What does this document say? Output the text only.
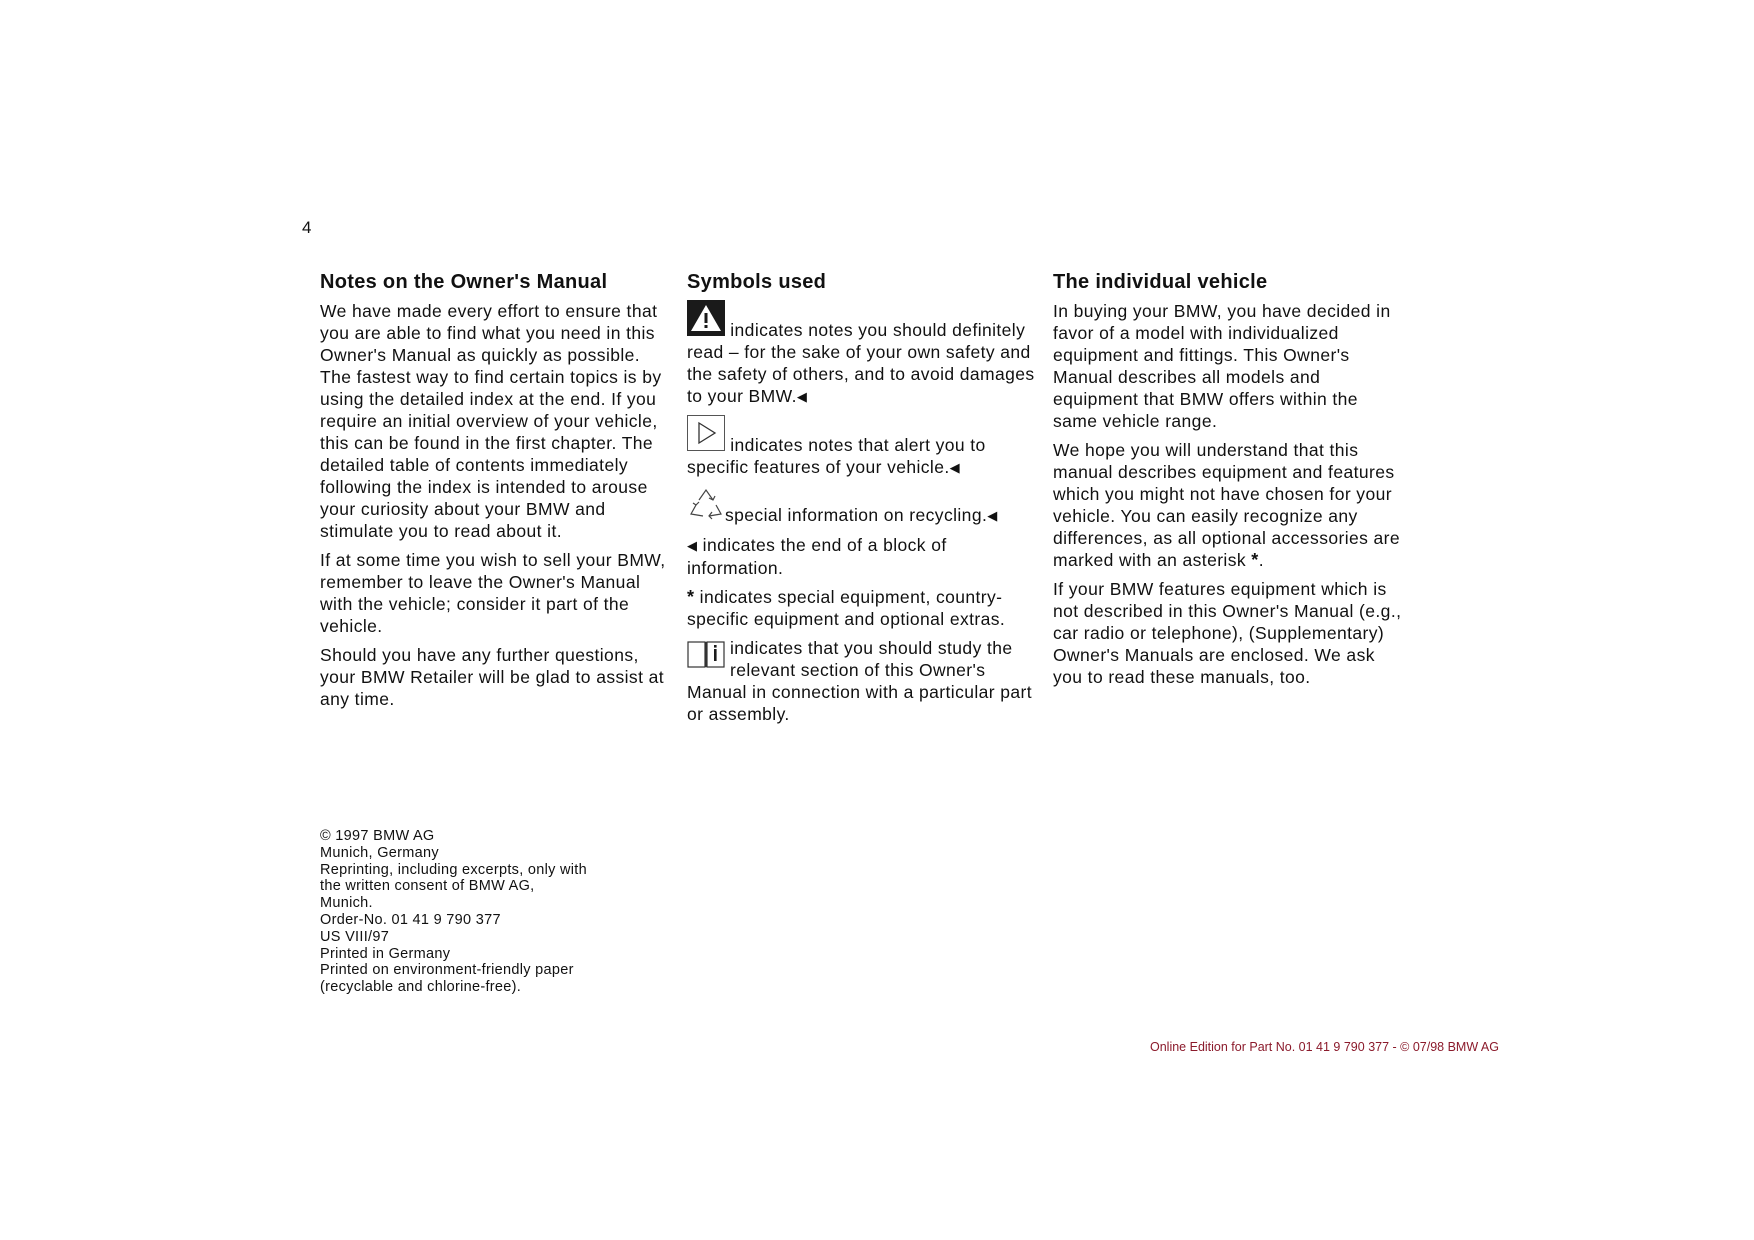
4
Notes on the Owner's Manual

We have made every effort to ensure that you are able to find what you need in this Owner's Manual as quickly as possible. The fastest way to find certain topics is by using the detailed index at the end. If you require an initial overview of your vehicle, this can be found in the first chapter. The detailed table of contents immediately following the index is intended to arouse your curiosity about your BMW and stimulate you to read about it.

If at some time you wish to sell your BMW, remember to leave the Owner's Manual with the vehicle; consider it part of the vehicle.

Should you have any further questions, your BMW Retailer will be glad to assist at any time.

Symbols used
indicates notes you should definitely read – for the sake of your own safety and the safety of others, and to avoid damages to your BMW.◀
indicates notes that alert you to specific features of your vehicle.◀
special information on recycling.◀
◀ indicates the end of a block of information.
* indicates special equipment, country-specific equipment and optional extras.
indicates that you should study the relevant section of this Owner's Manual in connection with a particular part or assembly.
The individual vehicle

In buying your BMW, you have decided in favor of a model with individualized equipment and fittings. This Owner's Manual describes all models and equipment that BMW offers within the same vehicle range.

We hope you will understand that this manual describes equipment and features which you might not have chosen for your vehicle. You can easily recognize any differences, as all optional accessories are marked with an asterisk *.

If your BMW features equipment which is not described in this Owner's Manual (e.g., car radio or telephone), (Supplementary) Owner's Manuals are enclosed. We ask you to read these manuals, too.

© 1997 BMW AG
Munich, Germany
Reprinting, including excerpts, only with
the written consent of BMW AG,
Munich.
Order-No. 01 41 9 790 377
US VIII/97
Printed in Germany
Printed on environment-friendly paper
(recyclable and chlorine-free).
Online Edition for Part No. 01 41 9 790 377 - © 07/98 BMW AG
